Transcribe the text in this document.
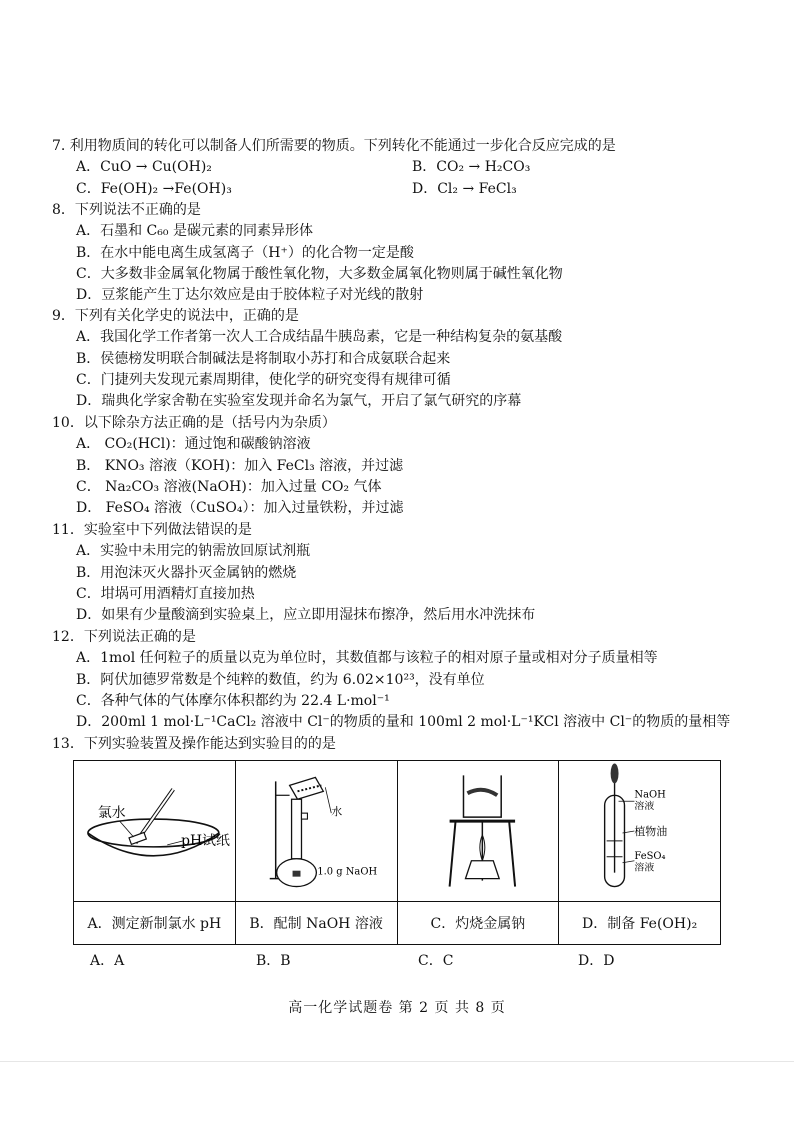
7. 利用物质间的转化可以制备人们所需要的物质。下列转化不能通过一步化合反应完成的是
A．CuO → Cu(OH)₂	B．CO₂ → H₂CO₃
C．Fe(OH)₂ →Fe(OH)₃	D．Cl₂ → FeCl₃
8．下列说法不正确的是
A．石墨和 C₆₀ 是碳元素的同素异形体
B．在水中能电离生成氢离子（H⁺）的化合物一定是酸
C．大多数非金属氧化物属于酸性氧化物，大多数金属氧化物则属于碱性氧化物
D．豆浆能产生丁达尔效应是由于胶体粒子对光线的散射
9．下列有关化学史的说法中，正确的是
A．我国化学工作者第一次人工合成结晶牛胰岛素，它是一种结构复杂的氨基酸
B．侯德榜发明联合制碱法是将制取小苏打和合成氨联合起来
C．门捷列夫发现元素周期律，使化学的研究变得有规律可循
D．瑞典化学家舍勒在实验室发现并命名为氯气，开启了氯气研究的序幕
10．以下除杂方法正确的是（括号内为杂质）
A． CO₂(HCl)：通过饱和碳酸钠溶液
B． KNO₃ 溶液（KOH)：加入 FeCl₃ 溶液，并过滤
C． Na₂CO₃ 溶液(NaOH)：加入过量 CO₂ 气体
D． FeSO₄ 溶液（CuSO₄）：加入过量铁粉，并过滤
11．实验室中下列做法错误的是
A．实验中未用完的钠需放回原试剂瓶
B．用泡沫灭火器扑灭金属钠的燃烧
C．坩埚可用酒精灯直接加热
D．如果有少量酸滴到实验桌上，应立即用湿抹布擦净，然后用水冲洗抹布
12．下列说法正确的是
A．1mol 任何粒子的质量以克为单位时，其数值都与该粒子的相对原子量或相对分子质量相等
B．阿伏加德罗常数是个纯粹的数值，约为 6.02×10²³，没有单位
C．各种气体的气体摩尔体积都约为 22.4 L·mol⁻¹
D．200ml 1 mol·L⁻¹CaCl₂ 溶液中 Cl⁻的物质的量和 100ml 2 mol·L⁻¹KCl 溶液中 Cl⁻的物质的量相等
13．下列实验装置及操作能达到实验目的的是
氯水
pH试纸	水
1.0 g NaOH		NaOH
溶液
植物油
FeSO₄
溶液

A．测定新制氯水 pH	B．配制 NaOH 溶液	C．灼烧金属钠	D．制备 Fe(OH)₂
A．A	B．B	C．C	D．D
高一化学试题卷 第 2 页 共 8 页
